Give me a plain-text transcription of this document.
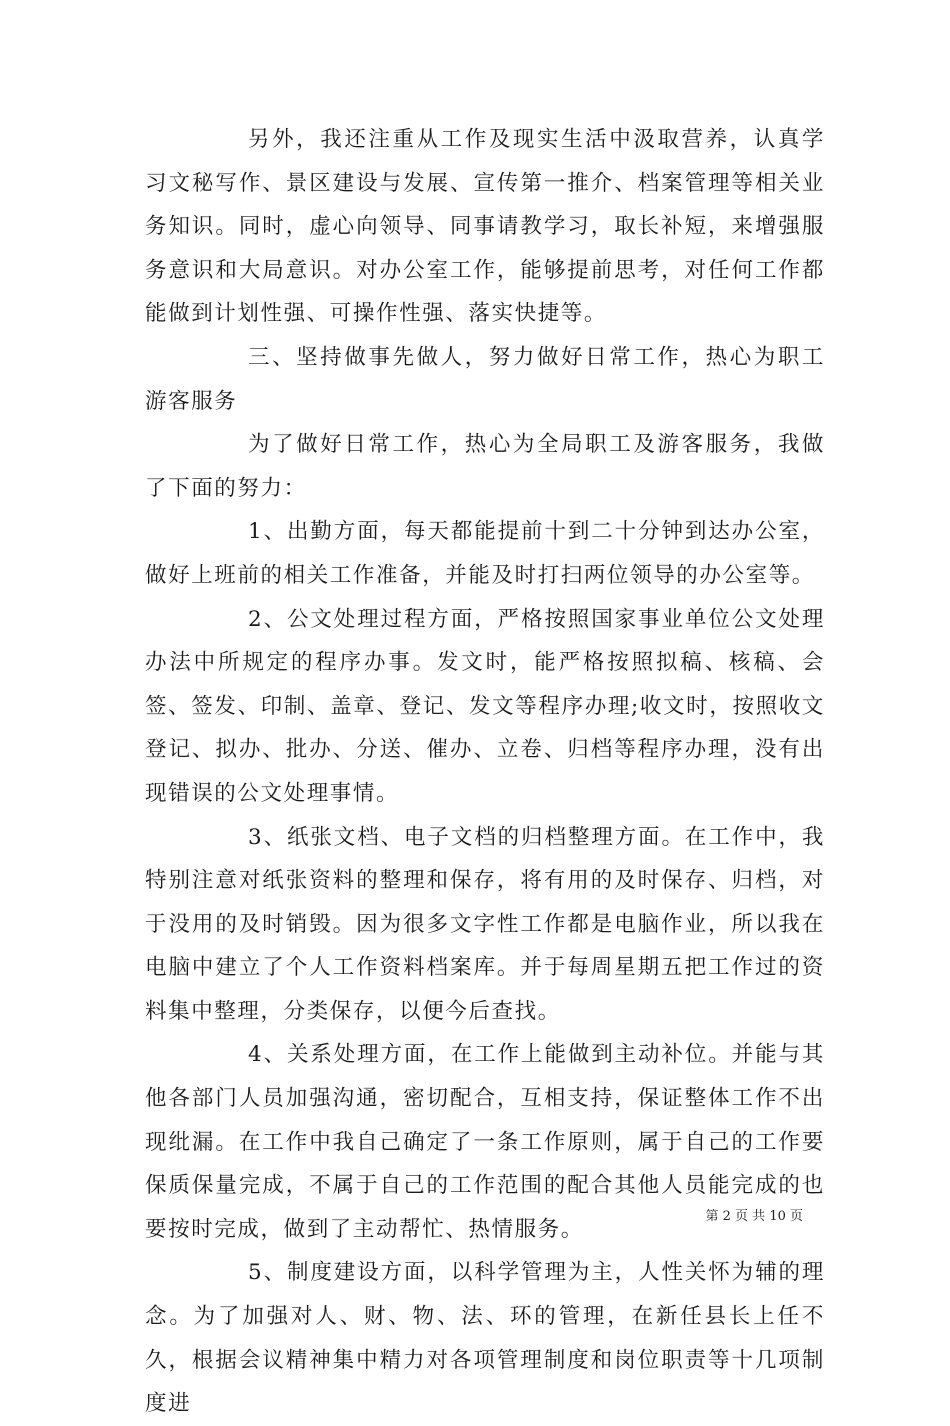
另外，我还注重从工作及现实生活中汲取营养，认真学习文秘写作、景区建设与发展、宣传第一推介、档案管理等相关业务知识。同时，虚心向领导、同事请教学习，取长补短，来增强服务意识和大局意识。对办公室工作，能够提前思考，对任何工作都能做到计划性强、可操作性强、落实快捷等。

三、坚持做事先做人，努力做好日常工作，热心为职工游客服务

为了做好日常工作，热心为全局职工及游客服务，我做了下面的努力：

1、出勤方面，每天都能提前十到二十分钟到达办公室，做好上班前的相关工作准备，并能及时打扫两位领导的办公室等。

2、公文处理过程方面，严格按照国家事业单位公文处理办法中所规定的程序办事。发文时，能严格按照拟稿、核稿、会签、签发、印制、盖章、登记、发文等程序办理;收文时，按照收文登记、拟办、批办、分送、催办、立卷、归档等程序办理，没有出现错误的公文处理事情。

3、纸张文档、电子文档的归档整理方面。在工作中，我特别注意对纸张资料的整理和保存，将有用的及时保存、归档，对于没用的及时销毁。因为很多文字性工作都是电脑作业，所以我在电脑中建立了个人工作资料档案库。并于每周星期五把工作过的资料集中整理，分类保存，以便今后查找。

4、关系处理方面，在工作上能做到主动补位。并能与其他各部门人员加强沟通，密切配合，互相支持，保证整体工作不出现纰漏。在工作中我自己确定了一条工作原则，属于自己的工作要保质保量完成，不属于自己的工作范围的配合其他人员能完成的也要按时完成，做到了主动帮忙、热情服务。

5、制度建设方面，以科学管理为主，人性关怀为辅的理念。为了加强对人、财、物、法、环的管理，在新任县长上任不久，根据会议精神集中精力对各项管理制度和岗位职责等十几项制度进

第 2 页 共 10 页
